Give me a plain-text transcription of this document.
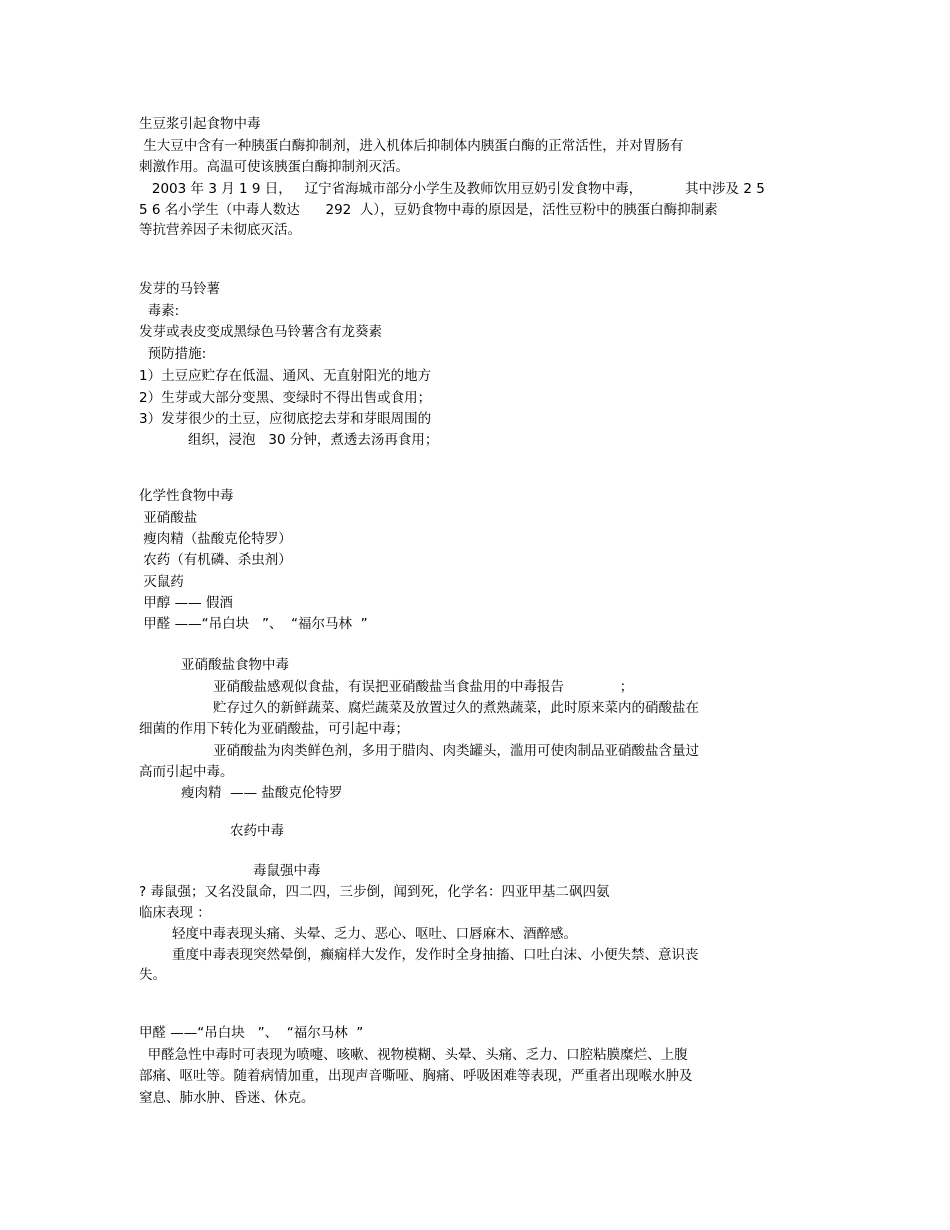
生豆浆引起食物中毒
生大豆中含有一种胰蛋白酶抑制剂，进入机体后抑制体内胰蛋白酶的正常活性，并对胃肠有
刺激作用。高温可使该胰蛋白酶抑制剂灭活。
2003 年 3 月 1 9 日，   辽宁省海城市部分小学生及教师饮用豆奶引发食物中毒，          其中涉及 2 5
5 6 名小学生（中毒人数达      292  人），豆奶食物中毒的原因是，活性豆粉中的胰蛋白酶抑制素
等抗营养因子未彻底灭活。
发芽的马铃薯
毒素:
发芽或表皮变成黑绿色马铃薯含有龙葵素
预防措施:
1）土豆应贮存在低温、通风、无直射阳光的地方
2）生芽或大部分变黑、变绿时不得出售或食用；
3）发芽很少的土豆，应彻底挖去芽和芽眼周围的
组织，浸泡   30 分钟，煮透去汤再食用；
化学性食物中毒
亚硝酸盐
瘦肉精（盐酸克伦特罗）
农药（有机磷、杀虫剂）
灭鼠药
甲醇 —— 假酒
甲醛 ——“吊白块   ”、  “福尔马林  ”
亚硝酸盐食物中毒
亚硝酸盐感观似食盐，有误把亚硝酸盐当食盐用的中毒报告             ；
贮存过久的新鲜蔬菜、腐烂蔬菜及放置过久的煮熟蔬菜，此时原来菜内的硝酸盐在
细菌的作用下转化为亚硝酸盐，可引起中毒；
亚硝酸盐为肉类鲜色剂，多用于腊肉、肉类罐头，滥用可使肉制品亚硝酸盐含量过
高而引起中毒。
瘦肉精  —— 盐酸克伦特罗
农药中毒
毒鼠强中毒
? 毒鼠强；又名没鼠命，四二四，三步倒，闻到死，化学名：四亚甲基二砜四氨
临床表现 ：
轻度中毒表现头痛、头晕、乏力、恶心、呕吐、口唇麻木、酒醉感。
重度中毒表现突然晕倒，癫痫样大发作，发作时全身抽搐、口吐白沫、小便失禁、意识丧
失。
甲醛 ——“吊白块   ”、  “福尔马林  ”
甲醛急性中毒时可表现为喷嚏、咳嗽、视物模糊、头晕、头痛、乏力、口腔粘膜糜烂、上腹
部痛、呕吐等。随着病情加重，出现声音嘶哑、胸痛、呼吸困难等表现，严重者出现喉水肿及
窒息、肺水肿、昏迷、休克。
